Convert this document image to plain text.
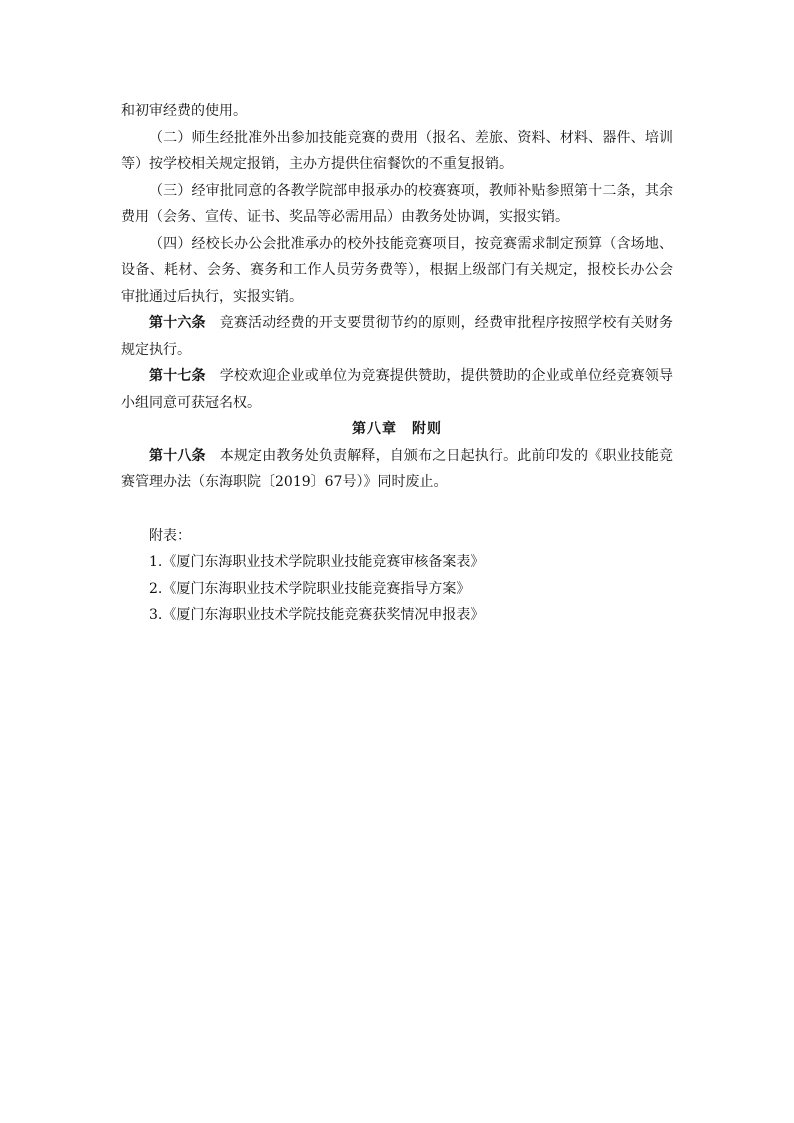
和初审经费的使用。

（二）师生经批准外出参加技能竞赛的费用（报名、差旅、资料、材料、器件、培训等）按学校相关规定报销，主办方提供住宿餐饮的不重复报销。

（三）经审批同意的各教学院部申报承办的校赛赛项，教师补贴参照第十二条，其余费用（会务、宣传、证书、奖品等必需用品）由教务处协调，实报实销。

（四）经校长办公会批准承办的校外技能竞赛项目，按竞赛需求制定预算（含场地、设备、耗材、会务、赛务和工作人员劳务费等），根据上级部门有关规定，报校长办公会审批通过后执行，实报实销。

第十六条 竞赛活动经费的开支要贯彻节约的原则，经费审批程序按照学校有关财务规定执行。

第十七条 学校欢迎企业或单位为竞赛提供赞助，提供赞助的企业或单位经竞赛领导小组同意可获冠名权。

第八章　附则

第十八条 本规定由教务处负责解释，自颁布之日起执行。此前印发的《职业技能竞赛管理办法（东海职院〔2019〕67号）》同时废止。

附表：

1.《厦门东海职业技术学院职业技能竞赛审核备案表》

2.《厦门东海职业技术学院职业技能竞赛指导方案》

3.《厦门东海职业技术学院技能竞赛获奖情况申报表》
